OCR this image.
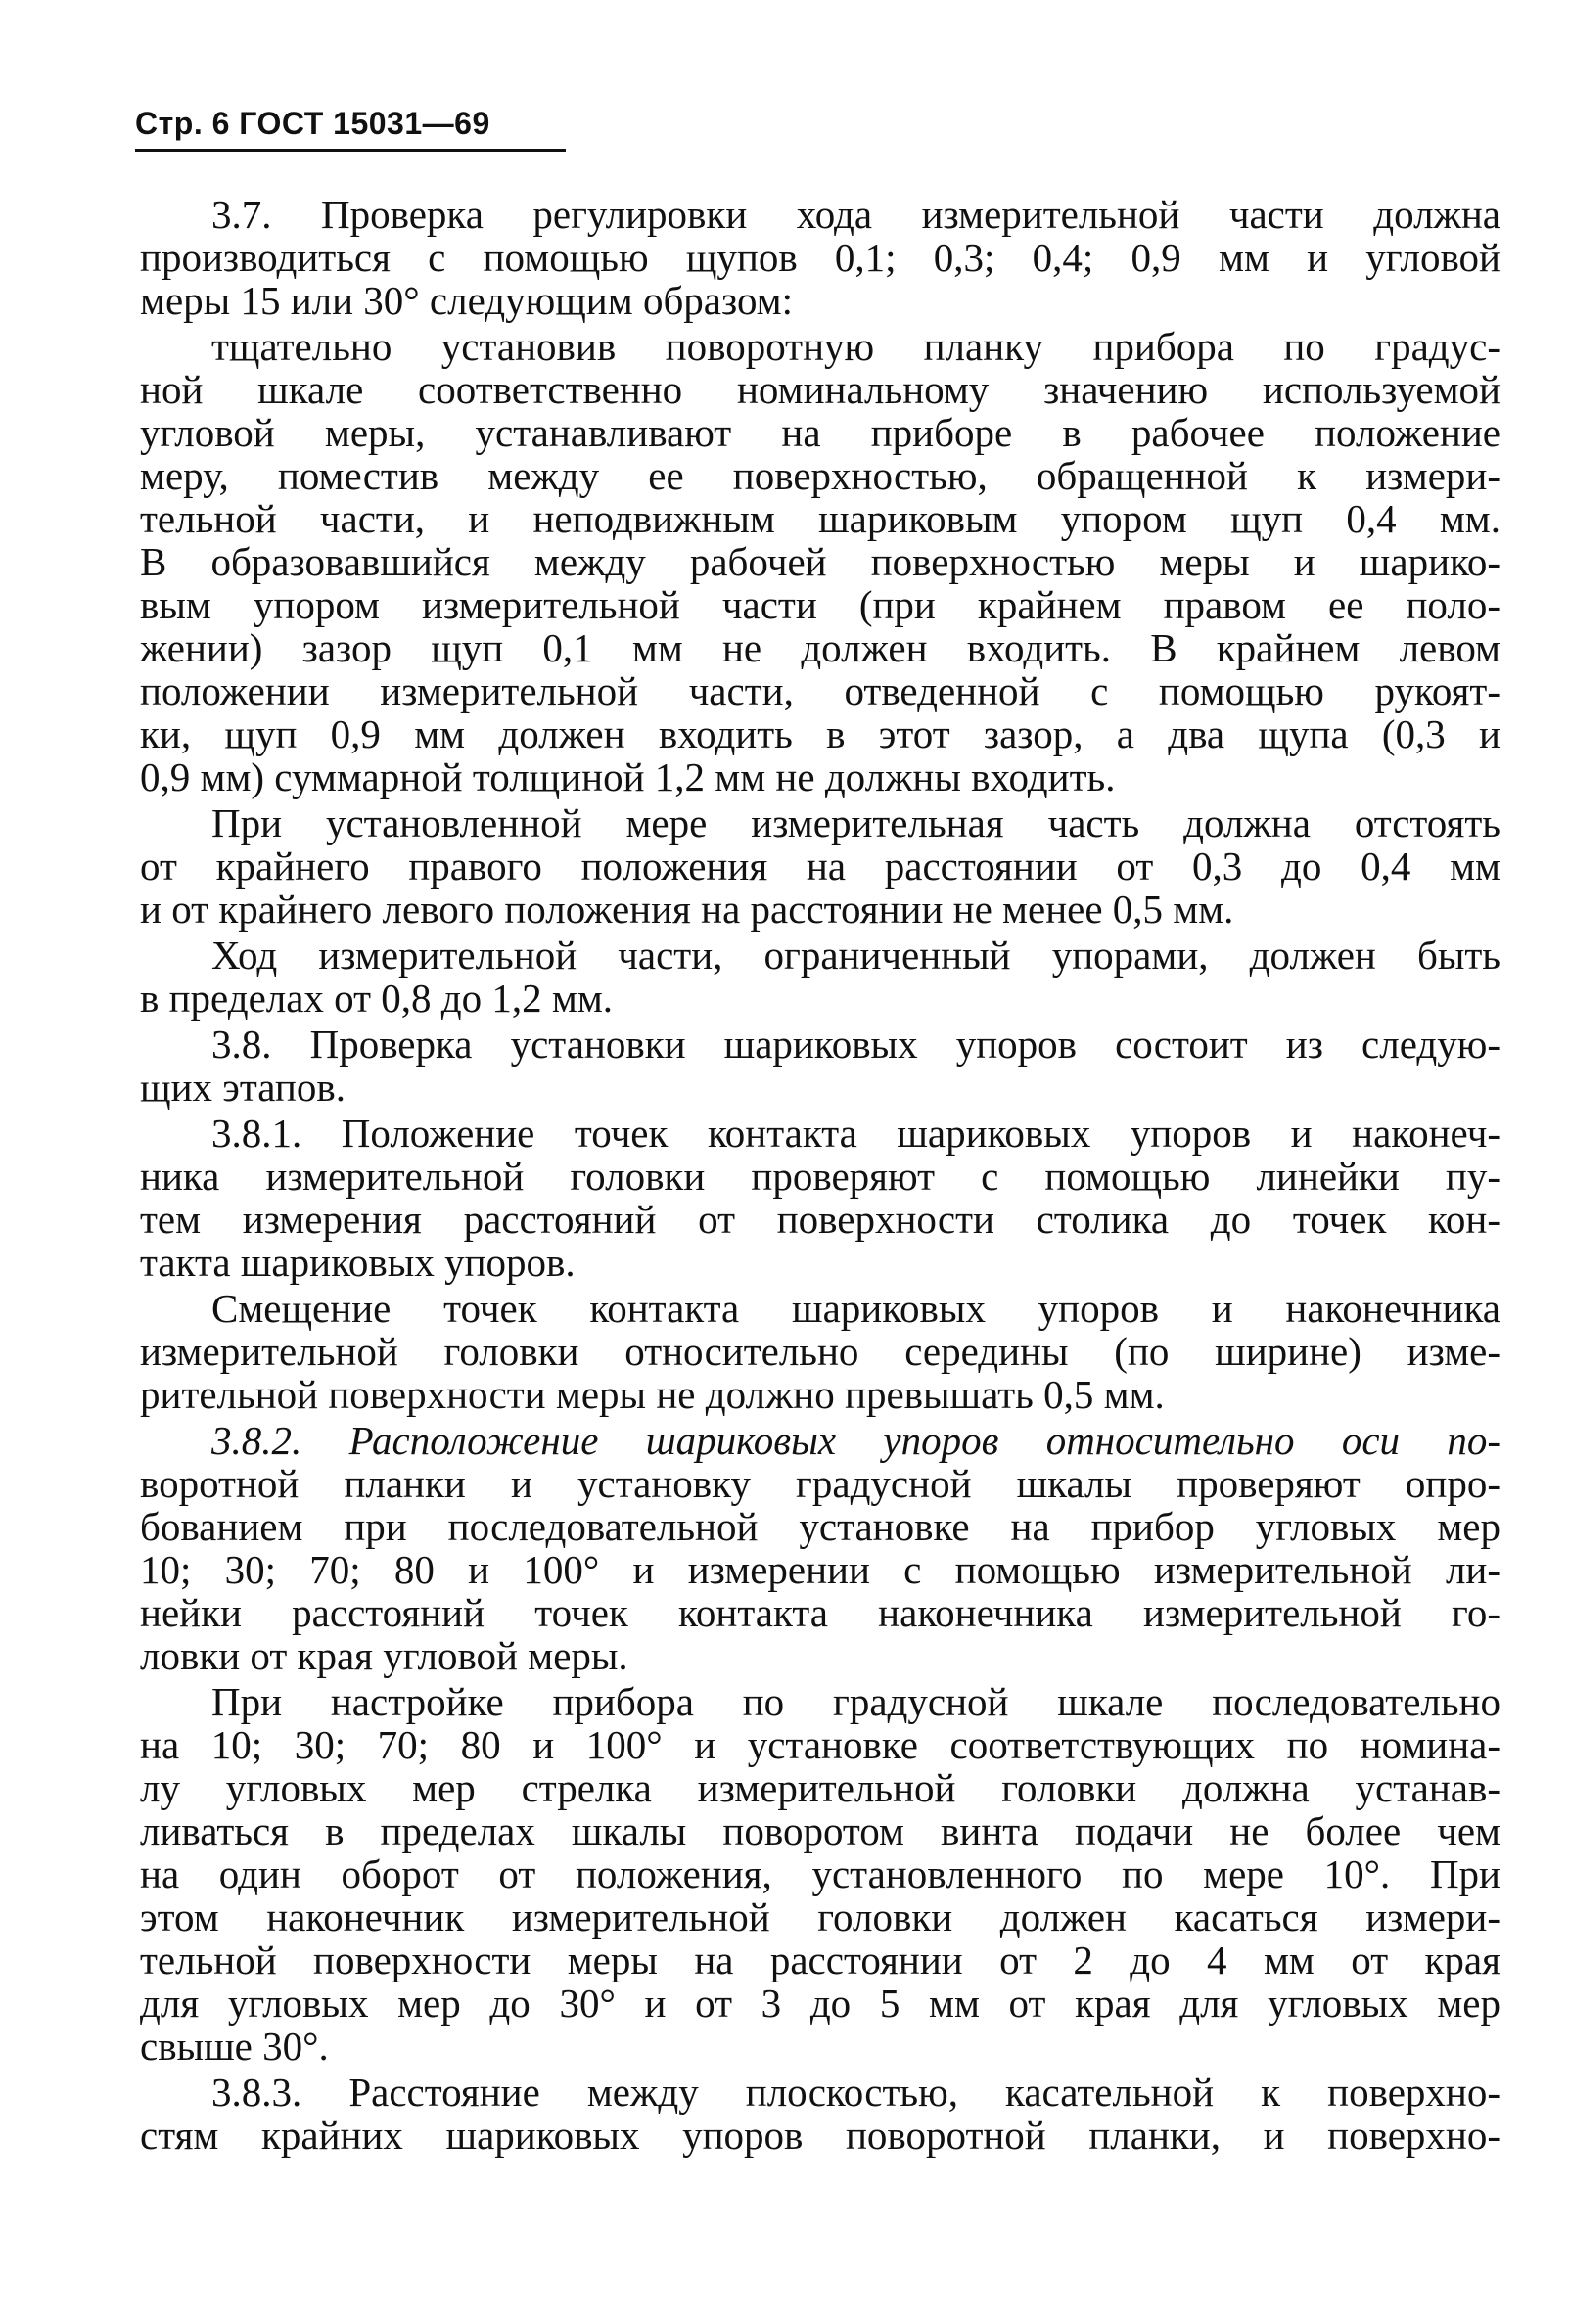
Стр. 6 ГОСТ 15031—69
3.7. Проверка регулировки хода измерительной части должна
производиться с помощью щупов 0,1; 0,3; 0,4; 0,9 мм и угловой
меры 15 или 30° следующим образом:
тщательно установив поворотную планку прибора по градус-
ной шкале соответственно номинальному значению используемой
угловой меры, устанавливают на приборе в рабочее положение
меру, поместив между ее поверхностью, обращенной к измери-
тельной части, и неподвижным шариковым упором щуп 0,4 мм.
В образовавшийся между рабочей поверхностью меры и шарико-
вым упором измерительной части (при крайнем правом ее поло-
жении) зазор щуп 0,1 мм не должен входить. В крайнем левом
положении измерительной части, отведенной с помощью рукоят-
ки, щуп 0,9 мм должен входить в этот зазор, а два щупа (0,3 и
0,9 мм) суммарной толщиной 1,2 мм не должны входить.
При установленной мере измерительная часть должна отстоять
от крайнего правого положения на расстоянии от 0,3 до 0,4 мм
и от крайнего левого положения на расстоянии не менее 0,5 мм.
Ход измерительной части, ограниченный упорами, должен быть
в пределах от 0,8 до 1,2 мм.
3.8. Проверка установки шариковых упоров состоит из следую-
щих этапов.
3.8.1. Положение точек контакта шариковых упоров и наконеч-
ника измерительной головки проверяют с помощью линейки пу-
тем измерения расстояний от поверхности столика до точек кон-
такта шариковых упоров.
Смещение точек контакта шариковых упоров и наконечника
измерительной головки относительно середины (по ширине) изме-
рительной поверхности меры не должно превышать 0,5 мм.
3.8.2. Расположение шариковых упоров относительно оси по-
воротной планки и установку градусной шкалы проверяют опро-
бованием при последовательной установке на прибор угловых мер
10; 30; 70; 80 и 100° и измерении с помощью измерительной ли-
нейки расстояний точек контакта наконечника измерительной го-
ловки от края угловой меры.
При настройке прибора по градусной шкале последовательно
на 10; 30; 70; 80 и 100° и установке соответствующих по номина-
лу угловых мер стрелка измерительной головки должна устанав-
ливаться в пределах шкалы поворотом винта подачи не более чем
на один оборот от положения, установленного по мере 10°. При
этом наконечник измерительной головки должен касаться измери-
тельной поверхности меры на расстоянии от 2 до 4 мм от края
для угловых мер до 30° и от 3 до 5 мм от края для угловых мер
свыше 30°.
3.8.3. Расстояние между плоскостью, касательной к поверхно-
стям крайних шариковых упоров поворотной планки, и поверхно-
